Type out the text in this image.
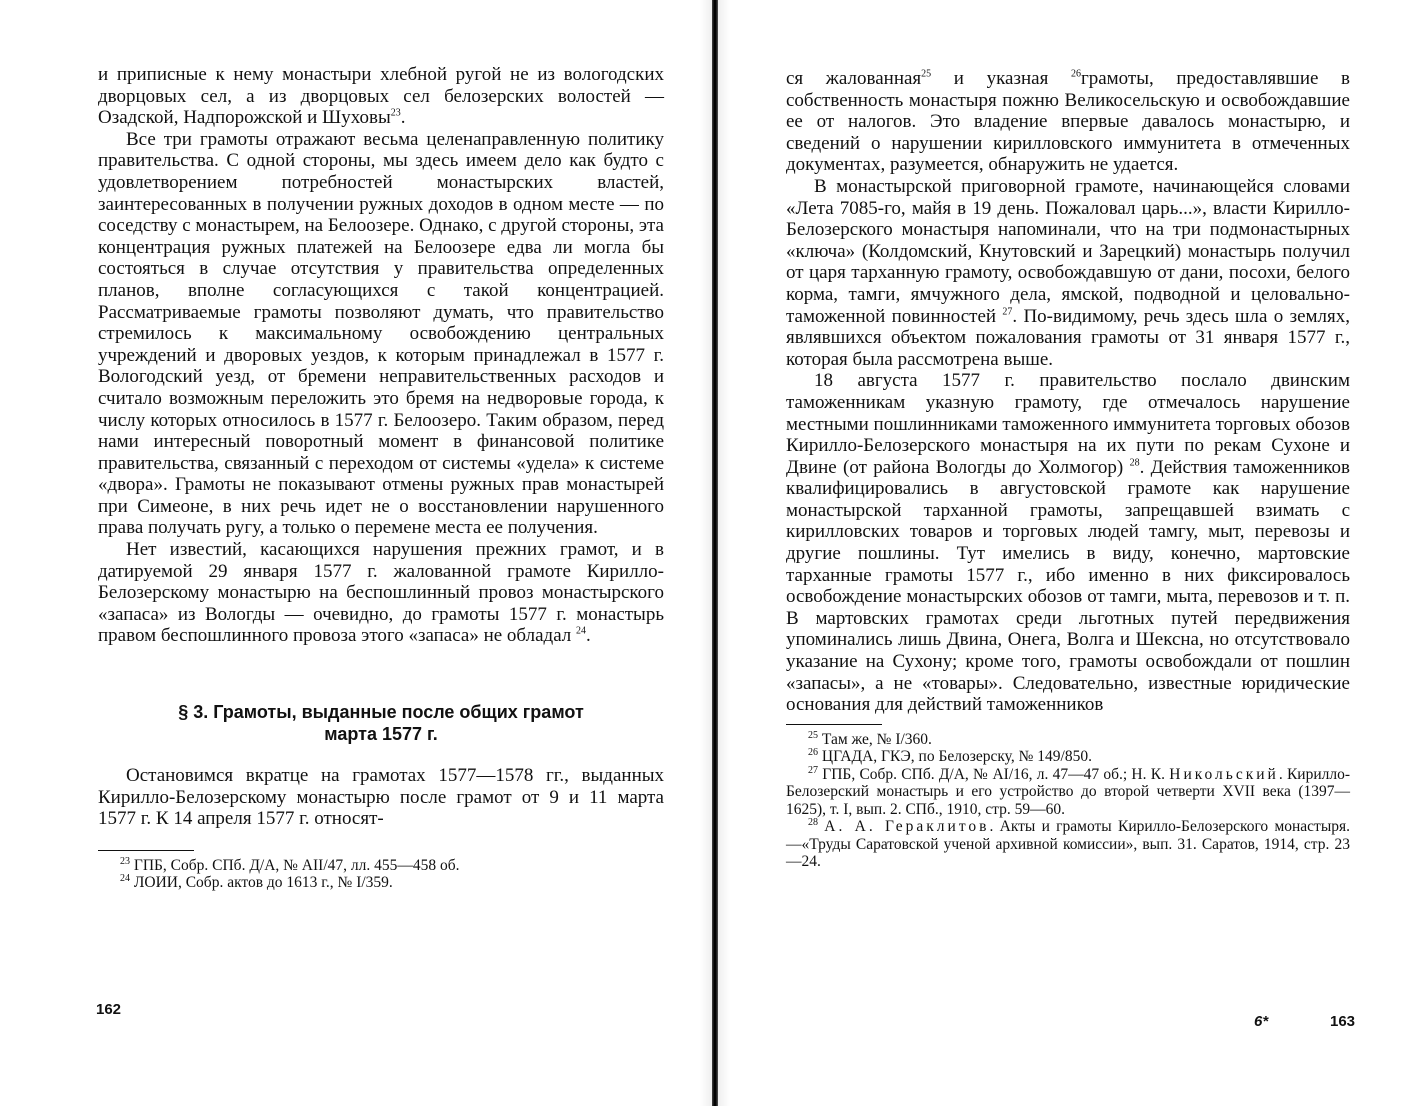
и приписные к нему монастыри хлебной ругой не из вологодских дворцовых сел, а из дворцовых сел белозерских волостей — Озадской, Надпорожской и Шуховы$^{23}$.

Все три грамоты отражают весьма целенаправленную политику правительства. С одной стороны, мы здесь имеем дело как будто с удовлетворением потребностей монастырских властей, заинтересованных в получении ружных доходов в одном месте — по соседству с монастырем, на Белоозере. Однако, с другой стороны, эта концентрация ружных платежей на Белоозере едва ли могла бы состояться в случае отсутствия у правительства определенных планов, вполне согласующихся с такой концентрацией. Рассматриваемые грамоты позволяют думать, что правительство стремилось к максимальному освобождению центральных учреждений и дворовых уездов, к которым принадлежал в 1577 г. Вологодский уезд, от бремени неправительственных расходов и считало возможным переложить это бремя на недворовые города, к числу которых относилось в 1577 г. Белоозеро. Таким образом, перед нами интересный поворотный момент в финансовой политике правительства, связанный с переходом от системы «удела» к системе «двора». Грамоты не показывают отмены ружных прав монастырей при Симеоне, в них речь идет не о восстановлении нарушенного права получать ругу, а только о перемене места ее получения.

Нет известий, касающихся нарушения прежних грамот, и в датируемой 29 января 1577 г. жалованной грамоте Кирилло-Белозерскому монастырю на беспошлинный провоз монастырского «запаса» из Вологды — очевидно, до грамоты 1577 г. монастырь правом беспошлинного провоза этого «запаса» не обладал $^{24}$.

§ 3. Грамоты, выданные после общих грамот
марта 1577 г.

Остановимся вкратце на грамотах 1577—1578 гг., выданных Кирилло-Белозерскому монастырю после грамот от 9 и 11 марта 1577 г. К 14 апреля 1577 г. относят-

$^{23}$ ГПБ, Собр. СПб. Д/А, № AII/47, лл. 455—458 об.

$^{24}$ ЛОИИ, Собр. актов до 1613 г., № I/359.

162

ся жалованная$^{25}$ и указная $^{26}$грамоты, предоставлявшие в собственность монастыря пожню Великосельскую и освобождавшие ее от налогов. Это владение впервые давалось монастырю, и сведений о нарушении кирилловского иммунитета в отмеченных документах, разумеется, обнаружить не удается.

В монастырской приговорной грамоте, начинающейся словами «Лета 7085-го, майя в 19 день. Пожаловал царь...», власти Кирилло-Белозерского монастыря напоминали, что на три подмонастырных «ключа» (Колдомский, Кнутовский и Зарецкий) монастырь получил от царя тарханную грамоту, освобождавшую от дани, посохи, белого корма, тамги, ямчужного дела, ямской, подводной и целовально-таможенной повинностей $^{27}$. По-видимому, речь здесь шла о землях, являвшихся объектом пожалования грамоты от 31 января 1577 г., которая была рассмотрена выше.

18 августа 1577 г. правительство послало двинским таможенникам указную грамоту, где отмечалось нарушение местными пошлинниками таможенного иммунитета торговых обозов Кирилло-Белозерского монастыря на их пути по рекам Сухоне и Двине (от района Вологды до Холмогор) $^{28}$. Действия таможенников квалифицировались в августовской грамоте как нарушение монастырской тарханной грамоты, запрещавшей взимать с кирилловских товаров и торговых людей тамгу, мыт, перевозы и другие пошлины. Тут имелись в виду, конечно, мартовские тарханные грамоты 1577 г., ибо именно в них фиксировалось освобождение монастырских обозов от тамги, мыта, перевозов и т. п. В мартовских грамотах среди льготных путей передвижения упоминались лишь Двина, Онега, Волга и Шексна, но отсутствовало указание на Сухону; кроме того, грамоты освобождали от пошлин «запасы», а не «товары». Следовательно, известные юридические основания для действий таможенников

$^{25}$ Там же, № I/360.

$^{26}$ ЦГАДА, ГКЭ, по Белозерску, № 149/850.

$^{27}$ ГПБ, Собр. СПб. Д/А, № AI/16, л. 47—47 об.; Н. К. Никольский. Кирилло-Белозерский монастырь и его устройство до второй четверти XVII века (1397—1625), т. I, вып. 2. СПб., 1910, стр. 59—60.

$^{28}$ А. А. Гераклитов. Акты и грамоты Кирилло-Белозерского монастыря.—«Труды Саратовской ученой архивной комиссии», вып. 31. Саратов, 1914, стр. 23—24.

6*	163
